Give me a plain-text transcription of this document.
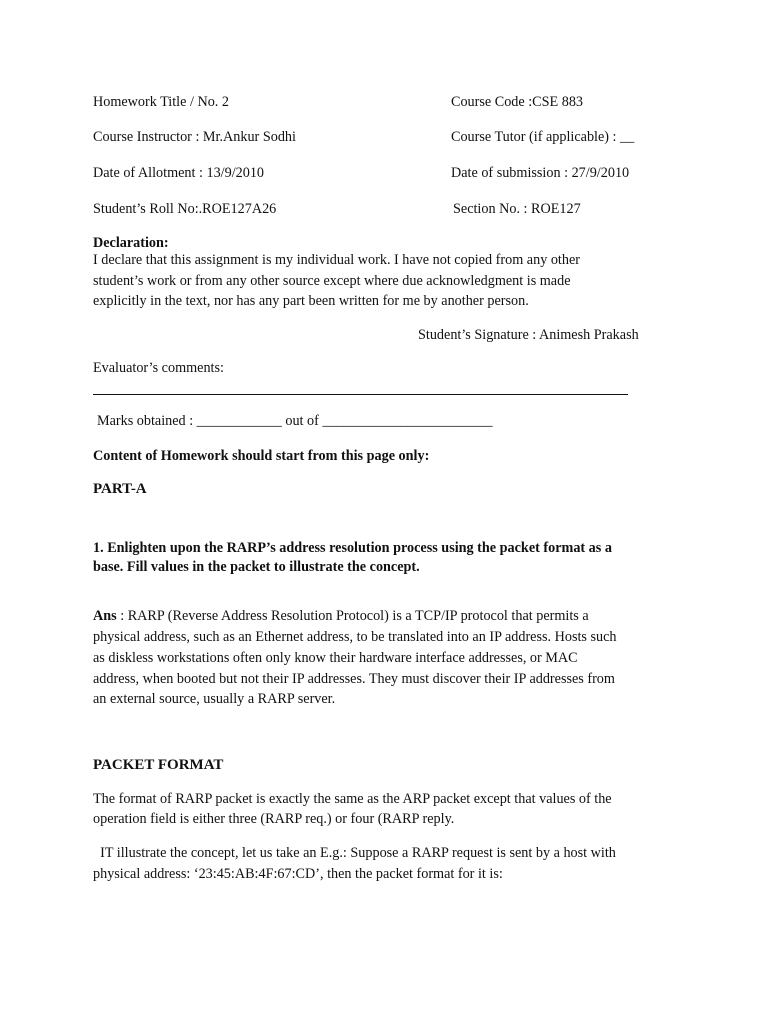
Homework Title / No. 2	Course Code :CSE 883
Course Instructor : Mr.Ankur Sodhi	Course Tutor (if applicable) : __
Date of Allotment : 13/9/2010	Date of submission : 27/9/2010
Student’s Roll No:.ROE127A26	Section No. : ROE127
Declaration:
I declare that this assignment is my individual work. I have not copied from any other
student’s work or from any other source except where due acknowledgment is made
explicitly in the text, nor has any part been written for me by another person.
Student’s Signature : Animesh Prakash
Evaluator’s comments:
Marks obtained : ____________ out of ________________________
Content of Homework should start from this page only:
PART-A
1. Enlighten upon the RARP’s address resolution process using the packet format as a
base. Fill values in the packet to illustrate the concept.
Ans : RARP (Reverse Address Resolution Protocol) is a TCP/IP protocol that permits a
physical address, such as an Ethernet address, to be translated into an IP address. Hosts such
as diskless workstations often only know their hardware interface addresses, or MAC
address, when booted but not their IP addresses. They must discover their IP addresses from
an external source, usually a RARP server.
PACKET FORMAT
The format of RARP packet is exactly the same as the ARP packet except that values of the
operation field is either three (RARP req.) or four (RARP reply.
IT illustrate the concept, let us take an E.g.: Suppose a RARP request is sent by a host with
physical address: ‘23:45:AB:4F:67:CD’, then the packet format for it is:
